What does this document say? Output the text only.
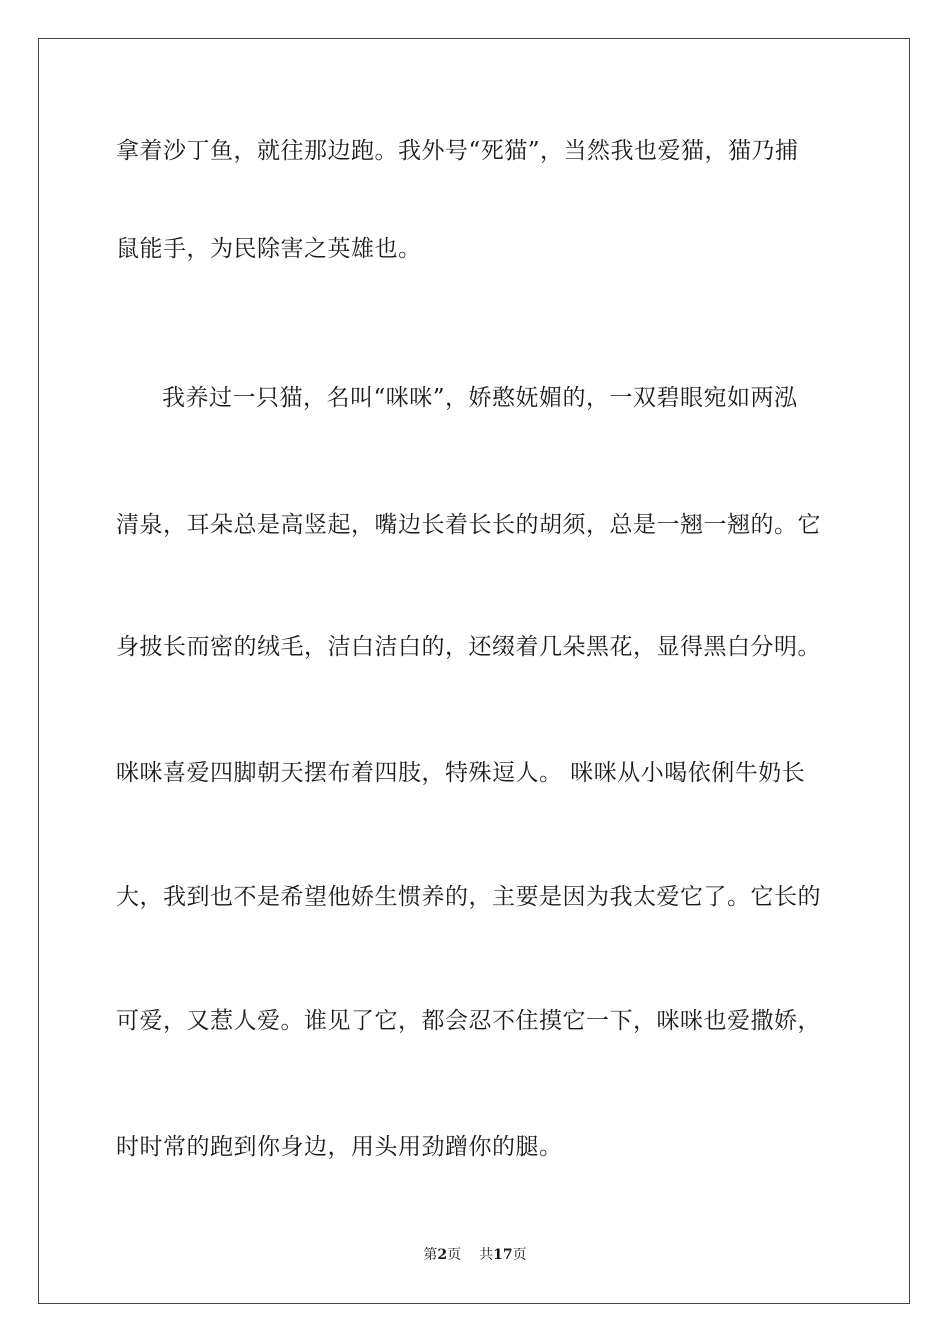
拿着沙丁鱼，就往那边跑。我外号“死猫”，当然我也爱猫，猫乃捕
鼠能手，为民除害之英雄也。
我养过一只猫，名叫“咪咪”，娇憨妩媚的，一双碧眼宛如两泓
清泉，耳朵总是高竖起，嘴边长着长长的胡须，总是一翘一翘的。它
身披长而密的绒毛，洁白洁白的，还缀着几朵黑花，显得黑白分明。
咪咪喜爱四脚朝天摆布着四肢，特殊逗人。 咪咪从小喝依俐牛奶长
大，我到也不是希望他娇生惯养的，主要是因为我太爱它了。它长的
可爱，又惹人爱。谁见了它，都会忍不住摸它一下，咪咪也爱撒娇，
时时常的跑到你身边，用头用劲蹭你的腿。
第2页 共17页
